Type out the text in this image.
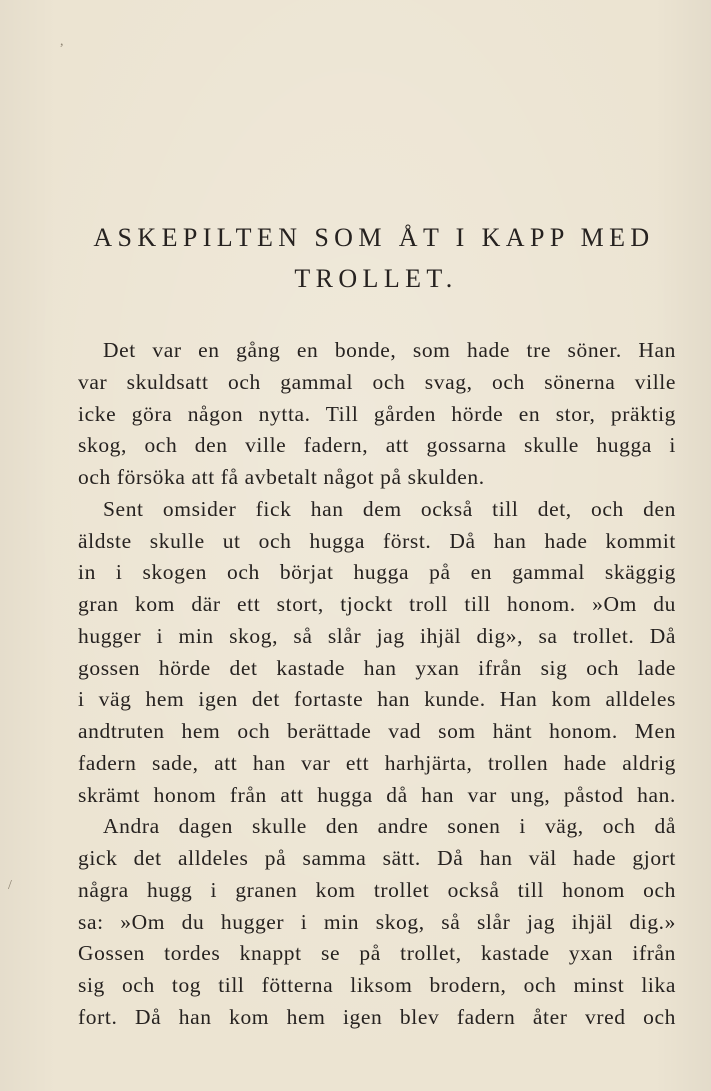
,
/
ASKEPILTEN SOM ÅT I KAPP MED
TROLLET.
Det var en gång en bonde, som hade tre söner. Han
var skuldsatt och gammal och svag, och sönerna ville
icke göra någon nytta. Till gården hörde en stor, präktig
skog, och den ville fadern, att gossarna skulle hugga i
och försöka att få avbetalt något på skulden.
Sent omsider fick han dem också till det, och den
äldste skulle ut och hugga först. Då han hade kommit
in i skogen och börjat hugga på en gammal skäggig
gran kom där ett stort, tjockt troll till honom. »Om du
hugger i min skog, så slår jag ihjäl dig», sa trollet. Då
gossen hörde det kastade han yxan ifrån sig och lade
i väg hem igen det fortaste han kunde. Han kom alldeles
andtruten hem och berättade vad som hänt honom. Men
fadern sade, att han var ett harhjärta, trollen hade aldrig
skrämt honom från att hugga då han var ung, påstod han.
Andra dagen skulle den andre sonen i väg, och då
gick det alldeles på samma sätt. Då han väl hade gjort
några hugg i granen kom trollet också till honom och
sa: »Om du hugger i min skog, så slår jag ihjäl dig.»
Gossen tordes knappt se på trollet, kastade yxan ifrån
sig och tog till fötterna liksom brodern, och minst lika
fort. Då han kom hem igen blev fadern åter vred och
